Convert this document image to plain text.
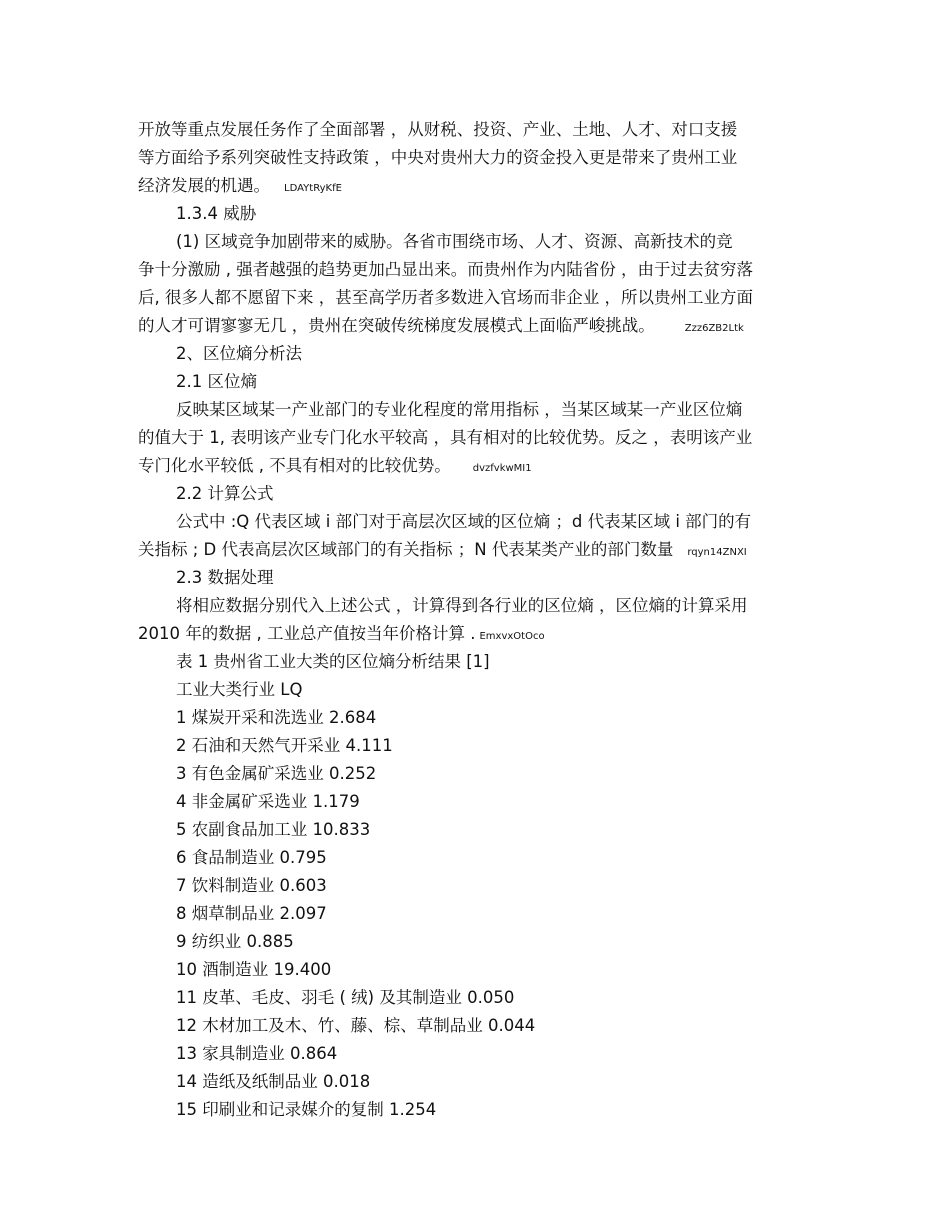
开放等重点发展任务作了全面部署 ，从财税、投资、产业、土地、人才、对口支援
等方面给予系列突破性支持政策 ，中央对贵州大力的资金投入更是带来了贵州工业
经济发展的机遇。 LDAYtRyKfE
1.3.4 威胁
(1) 区域竞争加剧带来的威胁。各省市围绕市场、人才、资源、高新技术的竞
争十分激励 , 强者越强的趋势更加凸显出来。而贵州作为内陆省份 ，由于过去贫穷落
后, 很多人都不愿留下来 ，甚至高学历者多数进入官场而非企业 ，所以贵州工业方面
的人才可谓寥寥无几 ，贵州在突破传统梯度发展模式上面临严峻挑战。	Zzz6ZB2Ltk
2、区位熵分析法
2.1 区位熵
反映某区域某一产业部门的专业化程度的常用指标 ，当某区域某一产业区位熵
的值大于 1, 表明该产业专门化水平较高 ，具有相对的比较优势。反之 ，表明该产业
专门化水平较低 , 不具有相对的比较优势。 dvzfvkwMI1
2.2 计算公式
公式中 :Q 代表区域 i 部门对于高层次区域的区位熵 ；d 代表某区域 i 部门的有
关指标 ; D 代表高层次区域部门的有关指标 ；N 代表某类产业的部门数量 rqyn14ZNXI
2.3 数据处理
将相应数据分别代入上述公式 ，计算得到各行业的区位熵 ，区位熵的计算采用
2010 年的数据 , 工业总产值按当年价格计算 . EmxvxOtOco
表 1 贵州省工业大类的区位熵分析结果 [1]
工业大类行业 LQ
1 煤炭开采和洗选业 2.684
2 石油和天然气开采业 4.111
3 有色金属矿采选业 0.252
4 非金属矿采选业 1.179
5 农副食品加工业 10.833
6 食品制造业 0.795
7 饮料制造业 0.603
8 烟草制品业 2.097
9 纺织业 0.885
10 酒制造业 19.400
11 皮革、毛皮、羽毛 ( 绒) 及其制造业 0.050
12 木材加工及木、竹、藤、棕、草制品业 0.044
13 家具制造业 0.864
14 造纸及纸制品业 0.018
15 印刷业和记录媒介的复制 1.254
